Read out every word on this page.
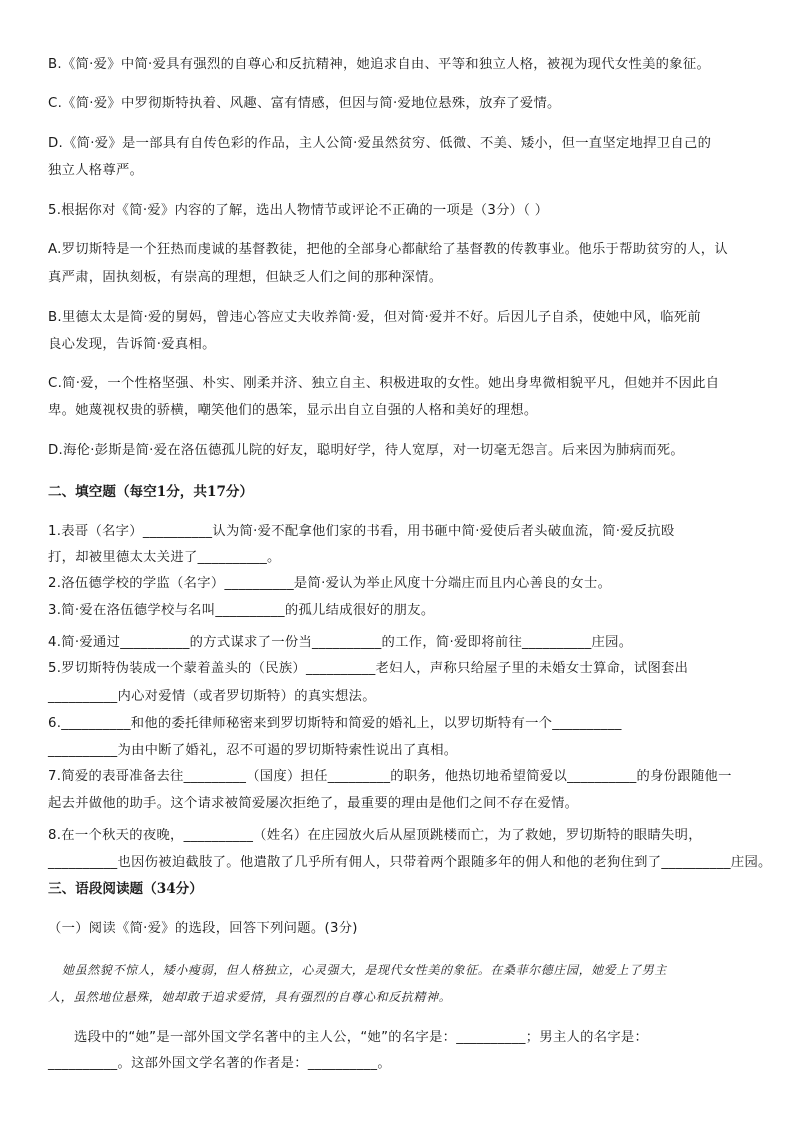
B.《简·爱》中简·爱具有强烈的自尊心和反抗精神，她追求自由、平等和独立人格，被视为现代女性美的象征。
C.《简·爱》中罗彻斯特执着、风趣、富有情感，但因与简·爱地位悬殊，放弃了爱情。
D.《简·爱》是一部具有自传色彩的作品，主人公简·爱虽然贫穷、低微、不美、矮小，但一直坚定地捍卫自己的
独立人格尊严。
5.根据你对《简·爱》内容的了解，选出人物情节或评论不正确的一项是（3分）（ ）
A.罗切斯特是一个狂热而虔诚的基督教徒，把他的全部身心都献给了基督教的传教事业。他乐于帮助贫穷的人，认
真严肃，固执刻板，有崇高的理想，但缺乏人们之间的那种深情。
B.里德太太是简·爱的舅妈，曾违心答应丈夫收养简·爱，但对简·爱并不好。后因儿子自杀，使她中风，临死前
良心发现，告诉简·爱真相。
C.简·爱，一个性格坚强、朴实、刚柔并济、独立自主、积极进取的女性。她出身卑微相貌平凡，但她并不因此自
卑。她蔑视权贵的骄横，嘲笑他们的愚笨，显示出自立自强的人格和美好的理想。
D.海伦·彭斯是简·爱在洛伍德孤儿院的好友，聪明好学，待人宽厚，对一切毫无怨言。后来因为肺病而死。
二、填空题（每空1分，共17分）
1.表哥（名字）__________认为简·爱不配拿他们家的书看，用书砸中简·爱使后者头破血流，简·爱反抗殴
打，却被里德太太关进了__________。
2.洛伍德学校的学监（名字）__________是简·爱认为举止风度十分端庄而且内心善良的女士。
3.简·爱在洛伍德学校与名叫__________的孤儿结成很好的朋友。
4.简·爱通过__________的方式谋求了一份当__________的工作，简·爱即将前往__________庄园。
5.罗切斯特伪装成一个蒙着盖头的（民族）__________老妇人，声称只给屋子里的未婚女士算命，试图套出
__________内心对爱情（或者罗切斯特）的真实想法。
6.__________和他的委托律师秘密来到罗切斯特和简爱的婚礼上，以罗切斯特有一个__________
__________为由中断了婚礼，忍不可遏的罗切斯特索性说出了真相。
7.简爱的表哥准备去往_________（国度）担任_________的职务，他热切地希望简爱以__________的身份跟随他一
起去并做他的助手。这个请求被简爱屡次拒绝了，最重要的理由是他们之间不存在爱情。
8.在一个秋天的夜晚，__________（姓名）在庄园放火后从屋顶跳楼而亡，为了救她，罗切斯特的眼睛失明，
__________也因伤被迫截肢了。他遣散了几乎所有佣人，只带着两个跟随多年的佣人和他的老狗住到了__________庄园。
三、语段阅读题（34分）
（一）阅读《简·爱》的选段，回答下列问题。(3分)
她虽然貌不惊人，矮小瘦弱，但人格独立，心灵强大，是现代女性美的象征。在桑菲尔德庄园，她爱上了男主
人，虽然地位悬殊，她却敢于追求爱情，具有强烈的自尊心和反抗精神。
选段中的“她”是一部外国文学名著中的主人公，“她”的名字是：__________；男主人的名字是：
__________。这部外国文学名著的作者是：__________。
